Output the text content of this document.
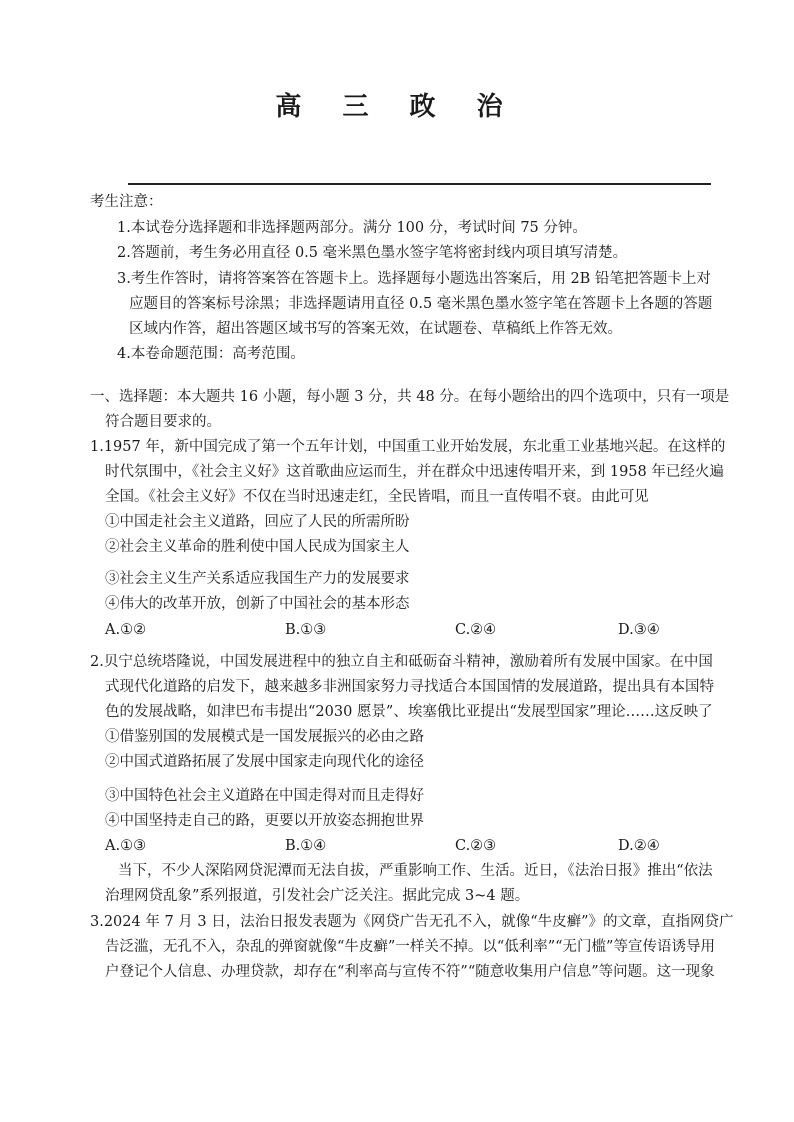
高 三 政 治
考生注意：
1.本试卷分选择题和非选择题两部分。满分 100 分，考试时间 75 分钟。
2.答题前，考生务必用直径 0.5 毫米黑色墨水签字笔将密封线内项目填写清楚。
3.考生作答时，请将答案答在答题卡上。选择题每小题选出答案后，用 2B 铅笔把答题卡上对
应题目的答案标号涂黑；非选择题请用直径 0.5 毫米黑色墨水签字笔在答题卡上各题的答题
区域内作答，超出答题区域书写的答案无效，在试题卷、草稿纸上作答无效。
4.本卷命题范围：高考范围。
一、选择题：本大题共 16 小题，每小题 3 分，共 48 分。在每小题给出的四个选项中，只有一项是
符合题目要求的。
1.1957 年，新中国完成了第一个五年计划，中国重工业开始发展，东北重工业基地兴起。在这样的
时代氛围中，《社会主义好》这首歌曲应运而生，并在群众中迅速传唱开来，到 1958 年已经火遍
全国。《社会主义好》不仅在当时迅速走红，全民皆唱，而且一直传唱不衰。由此可见
①中国走社会主义道路，回应了人民的所需所盼
②社会主义革命的胜利使中国人民成为国家主人
③社会主义生产关系适应我国生产力的发展要求
④伟大的改革开放，创新了中国社会的基本形态
A.①②	B.①③	C.②④	D.③④
2.贝宁总统塔隆说，中国发展进程中的独立自主和砥砺奋斗精神，激励着所有发展中国家。在中国
式现代化道路的启发下，越来越多非洲国家努力寻找适合本国国情的发展道路，提出具有本国特
色的发展战略，如津巴布韦提出“2030 愿景”、埃塞俄比亚提出“发展型国家”理论……这反映了
①借鉴别国的发展模式是一国发展振兴的必由之路
②中国式道路拓展了发展中国家走向现代化的途径
③中国特色社会主义道路在中国走得对而且走得好
④中国坚持走自己的路，更要以开放姿态拥抱世界
A.①③	B.①④	C.②③	D.②④
当下，不少人深陷网贷泥潭而无法自拔，严重影响工作、生活。近日，《法治日报》推出“依法
治理网贷乱象”系列报道，引发社会广泛关注。据此完成 3~4 题。
3.2024 年 7 月 3 日，法治日报发表题为《网贷广告无孔不入，就像“牛皮癣”》的文章，直指网贷广
告泛滥，无孔不入，杂乱的弹窗就像“牛皮癣”一样关不掉。以“低利率”“无门槛”等宣传语诱导用
户登记个人信息、办理贷款，却存在“利率高与宣传不符”“随意收集用户信息”等问题。这一现象
